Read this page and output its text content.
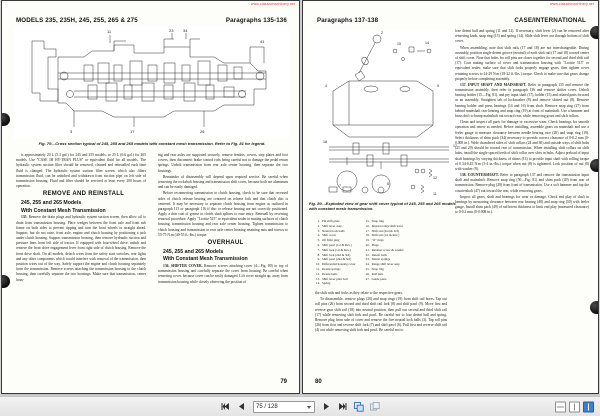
www.classicmachinery.net
MODELS 235, 235H, 245, 255, 265 & 275	Paragraphs 135-136
11	23 34
3	17	26
41
Fig. 79—Cross section typical of 245, 255 and 265 models with constant mesh transmission. Refer to Fig. 81 for legend.

is approximately 20 L (5.3 gal.) for 245 and 255 models, or 25 L (6.6 gal.) for 265 models. Use "CASE IH HY-TRAN PLUS" or equivalent fluid for all models. The hydraulic system suction filter should be removed, cleaned and reinstalled each time fluid is changed. The hydraulic system suction filter screen, which also filters transmission fluid, can be unbolted and withdrawn from suction pipe on left side of transmission housing. Fluid and filter should be serviced at least every 200 hours of operation.

REMOVE AND REINSTALL

245, 255 and 265 Models

With Constant Mesh Transmission

135. Remove the drain plugs and hydraulic system suction screen, then allow oil to drain from transmission housing. Place wedges between the front axle and front sub frame on both sides to prevent tipping and turn the front wheels to straight ahead. Support, but do not raise, front axle, engine and clutch housing by positioning a jack under clutch housing. Support transmission housing, then remove hydraulic suction and pressure lines from left side of tractor. If equipped with four-wheel drive, unbolt and remove the front drive engagement lever from right side of clutch housing. Remove the front drive shaft. On all models, detach wires from the safety start switches, rear lights and any other components which would interfere with removal of the transmission, then position wires out of the way. Safely support the engine and clutch housing separately from the transmission. Remove screws attaching the transmission housing to the clutch housing, then carefully separate the two housings. Make sure that transmission, center hous-

ing and rear axles are supported securely, remove fenders, covers, step plates and foot covers, then disconnect brake control rods being careful not to damage the pedal return springs. Unbolt transmission from rear axle center housing, then separate the two housings.

Remainder of disassembly will depend upon required service. Be careful when removing the rockshaft housing and transmission shift cover, because both are aluminum and can be easily damaged.

Before reconnecting transmission to clutch housing, check to be sure that recessed sides of clutch release bearing are centered on release fork and that clutch disc is centered. It may be necessary to separate clutch housing from engine as outlined in paragraph 115 or paragraph 116 if disc or release bearing are not correctly positioned. Apply a thin coat of grease to clutch shaft splines to ease entry. Reinstall by reversing removal procedure. Apply "Loctite 515" or equivalent sealer to mating surfaces of clutch housing, transmission housing and rear axle center housing. Tighten transmission to clutch housing and transmission to rear axle center housing retaining nuts and screws to 55-75 N.m (40-55 ft.-lbs.) torque.

OVERHAUL

245, 255 and 265 Models

With Constant Mesh Transmission

136. SHIFTER COVER. Remove screws attaching cover (4—Fig. 80) to top of transmission housing and carefully separate the cover from housing. Be careful when removing cover, because cover can be easily damaged. Lift cover straight up, away from transmission housing while closely observing the position of

79
www.classicmachinery.net
Paragraphs 137-138	CASE/INTERNATIONAL
2
15	14
4	5
18
17
7	8
12
11
Fig. 80—Exploded view of gear shift cover typical of 245, 255 and 265 models with constant mesh transmission.
1. Pin shift plate
2. Shift lever assy.
3. Neutral lock balls
4. Shift cover
5. Oil filler plug
6. Shift pawl (1st & Rev.)
7. Shift fork (1st & Rev.)
8. Shift fork (2nd & 3rd)
9. Shift pawl (2nd & 3rd)
10. Differential housing cover
11. Detent springs
12. Detent balls
13. Shift lever pilot ball
14. Spring
15. Snap ring
16. Internal range shift lever
17. Shift rail (2nd & 3rd)
18. Shift rail (1st & Rev.)
19. "O" rings
20. Plugs
21. Retainer screw & washer
22. Detent balls
23. Detent springs
24. Range shift lever assy.
25. Snap ring
26. Roll pins
27. Guide plate

the shift rails and forks as they relate to the respective gears.

To disassemble, remove plugs (20) and snap rings (19) from shift rail bores. Tap out roll pins (26) from second and third shift rail fork (8) and shift pawl (9). Move first and reverse gear shift rail (18) into neutral position, then pull out second and third shift rail (17) while removing shift fork and pawl. Be careful not to lose detent ball and spring. Remove plug from side of cover and remove the five neutral lock balls (3). Tap roll pins (26) from first and reverse shift fork (7) and shift pawl (6). Pull first and reverse shift rail (4) out while removing shift fork and pawl. Be careful not to

lose detent ball and spring (11 and 12). If necessary, shift lever (2) can be removed after removing knob, snap ring (15) and spring (14). Slide shift lever out through bottom of shift cover.

When assembling, note that shift rails (17 and 18) are not interchangeable. During assembly, position single detent groove (neutral) of each shift rail (17 and 18) toward center of shift cover. Note that holes for roll pins are closer together for second and third shift rail (17). Coat mating surface of cover and transmission housing with "Loctite 515" or equivalent sealer, make sure that shift forks properly engage gears, then tighten cover retaining screws to 24-29 N.m (18-22 ft.-lbs.) torque. Check to make sure that gears change properly before completing assembly.

137. INPUT SHAFT AND MAINSHAFT. Refer to paragraph 135 and remove the transmission assembly, then refer to paragraph 136 and remove shifter cover. Unbolt bearing holder (15—Fig. 81), and pry input shaft (17), holder (15) and related parts forward as an assembly. Straighten tab of lockwasher (9) and remove slotted nut (8). Remove bearing holder and press bearings (14 and 16) from shaft. Remove snap ring (27) from behind mainshaft rear bearing and snap ring (19) at front of mainshaft. Use a hammer and brass drift to bump mainshaft out toward rear, while removing gears and shift collars.

Clean and inspect all parts for damage or excessive wear. Check bearings for smooth operation and renew as needed. Before installing, assemble gears on mainshaft and use a feeler gauge to measure clearance between needle bearing race (20) and snap ring (19). Select thickness of shim pack (34) necessary to provide correct clearance of 0-0.2 mm (0-0.008 in.). Wide chamfered sides of shift collars (24 and 30) and outside ways of shift hubs (25 and 29) should be toward rear of transmission. When installing shift collars on shift hubs, install the single spaced teeth of shift collar over slots in hubs. Adjust preload of input shaft bearings by varying thickness of shims (13) to provide input shaft with rolling torque of 0.34-0.45 N.m (3-4 in.-lbs.) torque when nut (8) is tightened. Lock position of nut (8) with washer (9).

138. COUNTERSHAFT. Refer to paragraph 137 and remove the transmission input shaft and mainshaft. Remove snap ring (50—Fig. 81) and shim pack (49) from rear of transmission. Remove plug (28) from front of transmission. Use a soft hammer and tap the countershaft (47) out toward the rear, while removing gears.

Inspect all gears, shaft and bearings for wear or damage. Check end play of shaft in bearings by measuring clearance between rear bearing (48) and snap ring (50) with feeler gauge. Install shim pack (49) of sufficient thickness to limit end play (measured clearance) to 0-0.2 mm (0-0.008 in.).

80
75 / 128
